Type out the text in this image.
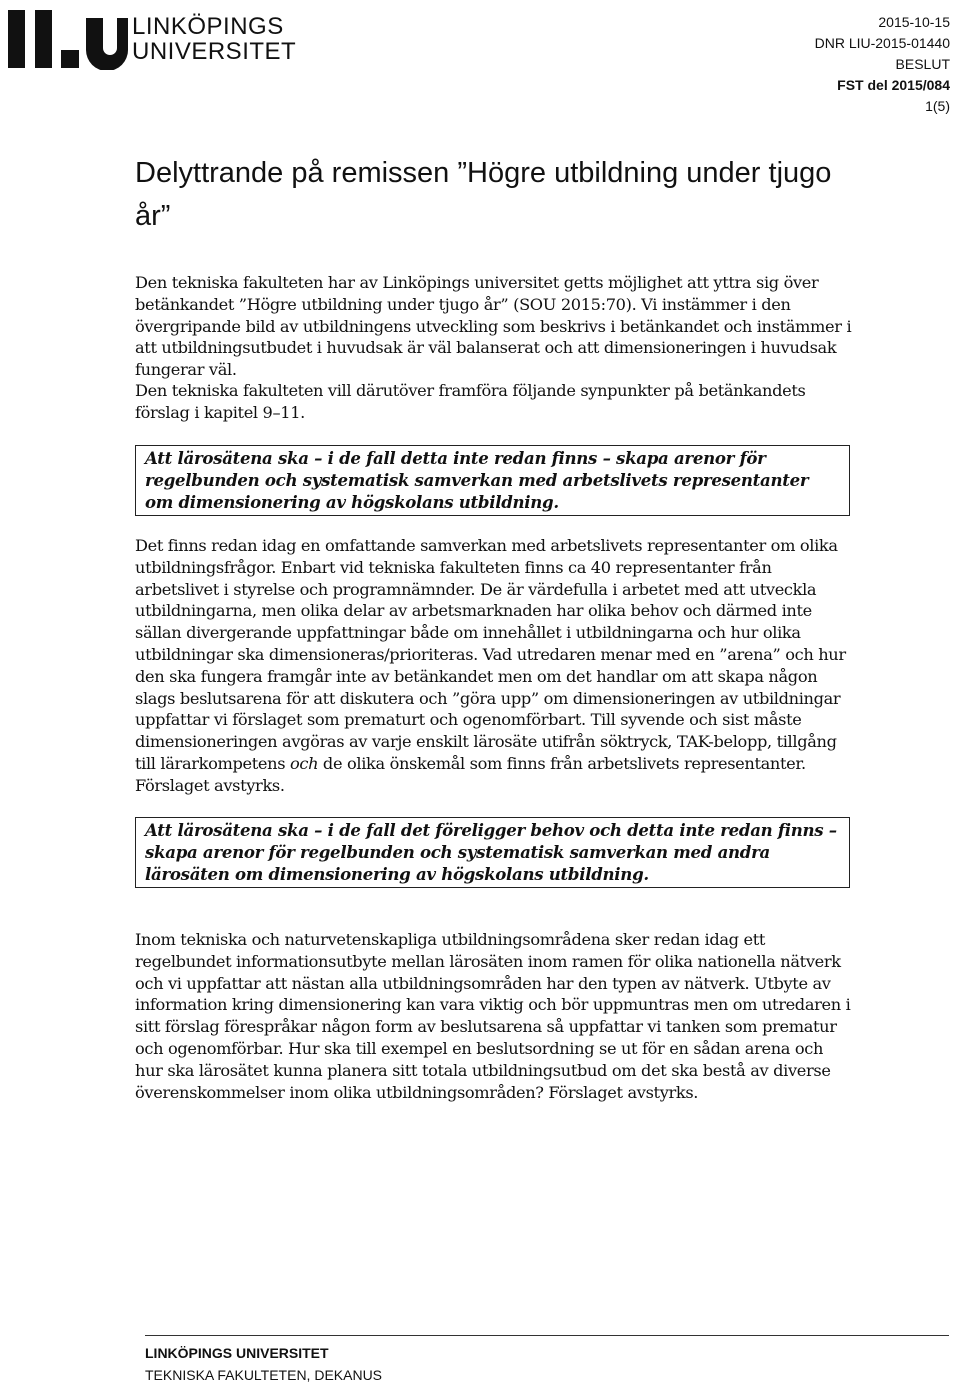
LINKÖPINGS
UNIVERSITET
2015-10-15
DNR LIU-2015-01440
BESLUT
FST del 2015/084
1(5)
Delyttrande på remissen ”Högre utbildning under tjugo år”

Den tekniska fakulteten har av Linköpings universitet getts möjlighet att yttra sig över betänkandet ”Högre utbildning under tjugo år” (SOU 2015:70). Vi instämmer i den övergripande bild av utbildningens utveckling som beskrivs i betänkandet och instämmer i att utbildningsutbudet i huvudsak är väl balanserat och att dimensioneringen i huvudsak fungerar väl.

Den tekniska fakulteten vill därutöver framföra följande synpunkter på betänkandets förslag i kapitel 9–11.

Att lärosätena ska – i de fall detta inte redan finns – skapa arenor för regelbunden och systematisk samverkan med arbetslivets representanter om dimensionering av högskolans utbildning.

Det finns redan idag en omfattande samverkan med arbetslivets representanter om olika utbildningsfrågor. Enbart vid tekniska fakulteten finns ca 40 representanter från arbetslivet i styrelse och programnämnder. De är värdefulla i arbetet med att utveckla utbildningarna, men olika delar av arbetsmarknaden har olika behov och därmed inte sällan divergerande uppfattningar både om innehållet i utbildningarna och hur olika utbildningar ska dimensioneras/prioriteras. Vad utredaren menar med en ”arena” och hur den ska fungera framgår inte av betänkandet men om det handlar om att skapa någon slags beslutsarena för att diskutera och ”göra upp” om dimensioneringen av utbildningar uppfattar vi förslaget som prematurt och ogenomförbart. Till syvende och sist måste dimensioneringen avgöras av varje enskilt lärosäte utifrån söktryck, TAK-belopp, tillgång till lärarkompetens och de olika önskemål som finns från arbetslivets representanter. Förslaget avstyrks.

Att lärosätena ska – i de fall det föreligger behov och detta inte redan finns – skapa arenor för regelbunden och systematisk samverkan med andra lärosäten om dimensionering av högskolans utbildning.

Inom tekniska och naturvetenskapliga utbildningsområdena sker redan idag ett regelbundet informationsutbyte mellan lärosäten inom ramen för olika nationella nätverk och vi uppfattar att nästan alla utbildningsområden har den typen av nätverk. Utbyte av information kring dimensionering kan vara viktig och bör uppmuntras men om utredaren i sitt förslag förespråkar någon form av beslutsarena så uppfattar vi tanken som prematur och ogenomförbar. Hur ska till exempel en beslutsordning se ut för en sådan arena och hur ska lärosätet kunna planera sitt totala utbildningsutbud om det ska bestå av diverse överenskommelser inom olika utbildningsområden? Förslaget avstyrks.

LINKÖPINGS UNIVERSITET
TEKNISKA FAKULTETEN, DEKANUS
